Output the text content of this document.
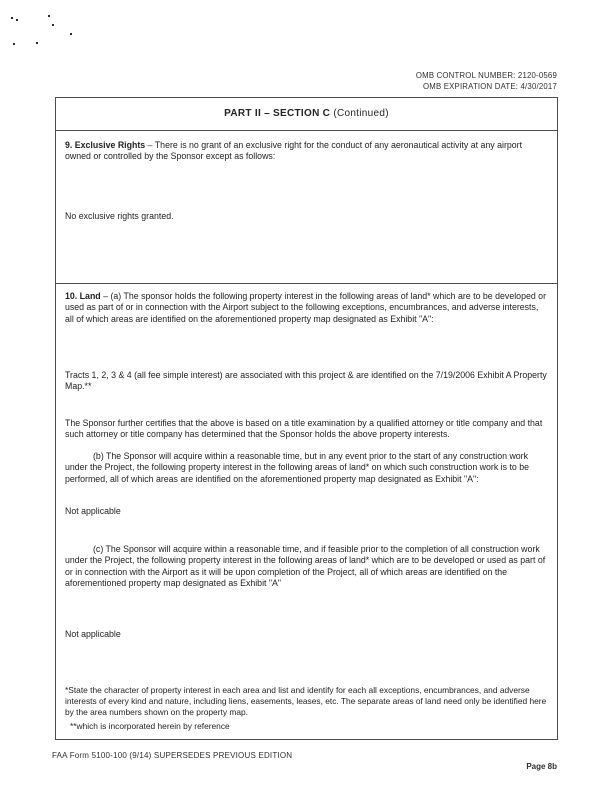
OMB CONTROL NUMBER: 2120-0569
OMB EXPIRATION DATE: 4/30/2017
PART II – SECTION C (Continued)
9. Exclusive Rights – There is no grant of an exclusive right for the conduct of any aeronautical activity at any airport owned or controlled by the Sponsor except as follows:
No exclusive rights granted.
10. Land – (a) The sponsor holds the following property interest in the following areas of land* which are to be developed or used as part of or in connection with the Airport subject to the following exceptions, encumbrances, and adverse interests, all of which areas are identified on the aforementioned property map designated as Exhibit "A":
Tracts 1, 2, 3 & 4 (all fee simple interest) are associated with this project & are identified on the 7/19/2006 Exhibit A Property Map.**
The Sponsor further certifies that the above is based on a title examination by a qualified attorney or title company and that such attorney or title company has determined that the Sponsor holds the above property interests.
(b) The Sponsor will acquire within a reasonable time, but in any event prior to the start of any construction work under the Project, the following property interest in the following areas of land* on which such construction work is to be performed, all of which areas are identified on the aforementioned property map designated as Exhibit "A":
Not applicable
(c) The Sponsor will acquire within a reasonable time, and if feasible prior to the completion of all construction work under the Project, the following property interest in the following areas of land* which are to be developed or used as part of or in connection with the Airport as it will be upon completion of the Project, all of which areas are identified on the aforementioned property map designated as Exhibit "A"
Not applicable
*State the character of property interest in each area and list and identify for each all exceptions, encumbrances, and adverse interests of every kind and nature, including liens, easements, leases, etc. The separate areas of land need only be identified here by the area numbers shown on the property map.
**which is incorporated herein by reference
FAA Form 5100-100 (9/14) SUPERSEDES PREVIOUS EDITION
Page 8b
